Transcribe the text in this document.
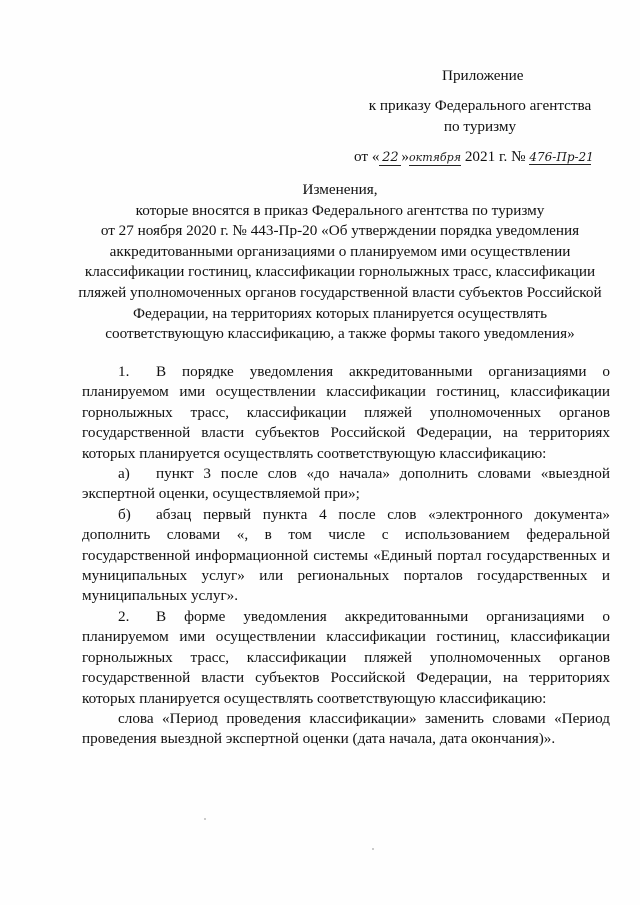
Приложение
к приказу Федерального агентства
по туризму
от « 22 »октября 2021 г. № 476-Пр-21
Изменения,
которые вносятся в приказ Федерального агентства по туризму
от 27 ноября 2020 г. № 443-Пр-20 «Об утверждении порядка уведомления
аккредитованными организациями о планируемом ими осуществлении
классификации гостиниц, классификации горнолыжных трасс, классификации
пляжей уполномоченных органов государственной власти субъектов Российской
Федерации, на территориях которых планируется осуществлять
соответствующую классификацию, а также формы такого уведомления»

1. В порядке уведомления аккредитованными организациями о планируемом ими осуществлении классификации гостиниц, классификации горнолыжных трасс, классификации пляжей уполномоченных органов государственной власти субъектов Российской Федерации, на территориях которых планируется осуществлять соответствующую классификацию:

а) пункт 3 после слов «до начала» дополнить словами «выездной экспертной оценки, осуществляемой при»;

б) абзац первый пункта 4 после слов «электронного документа» дополнить словами «, в том числе с использованием федеральной государственной информационной системы «Единый портал государственных и муниципальных услуг» или региональных порталов государственных и муниципальных услуг».

2. В форме уведомления аккредитованными организациями о планируемом ими осуществлении классификации гостиниц, классификации горнолыжных трасс, классификации пляжей уполномоченных органов государственной власти субъектов Российской Федерации, на территориях которых планируется осуществлять соответствующую классификацию:

слова «Период проведения классификации» заменить словами «Период проведения выездной экспертной оценки (дата начала, дата окончания)».
